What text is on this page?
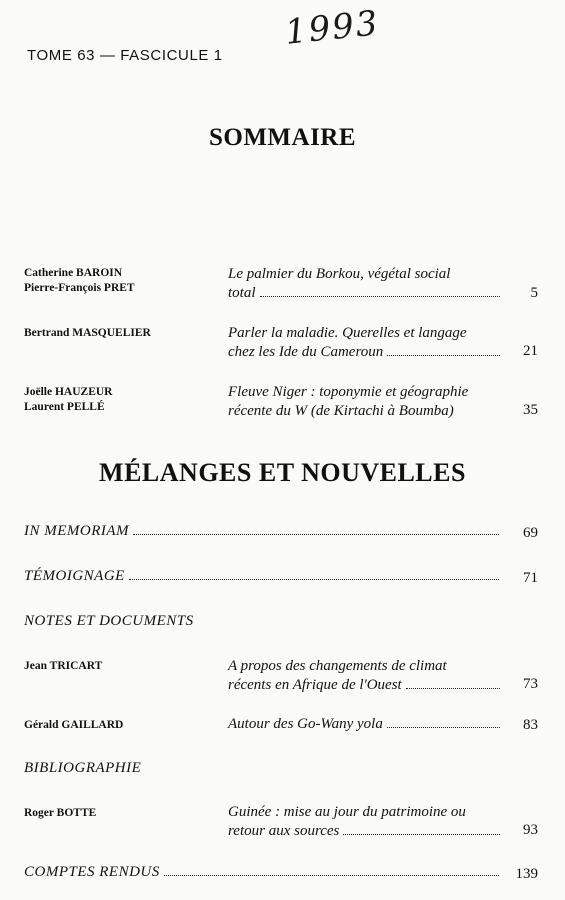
1993
TOME 63 — FASCICULE 1
SOMMAIRE
Catherine BAROIN
Pierre-François PRET
Le palmier du Borkou, végétal social
total	5
Bertrand MASQUELIER	Parler la maladie. Querelles et langage
chez les Ide du Cameroun	21
Joëlle HAUZEUR
Laurent PELLÉ
Fleuve Niger : toponymie et géographie
récente du W (de Kirtachi à Boumba)	35
MÉLANGES ET NOUVELLES
IN MEMORIAM	69
TÉMOIGNAGE	71
NOTES ET DOCUMENTS
Jean TRICART	A propos des changements de climat
récents en Afrique de l'Ouest	73
Gérald GAILLARD	Autour des Go-Wany yola	83
BIBLIOGRAPHIE
Roger BOTTE	Guinée : mise au jour du patrimoine ou
retour aux sources	93
COMPTES RENDUS	139
